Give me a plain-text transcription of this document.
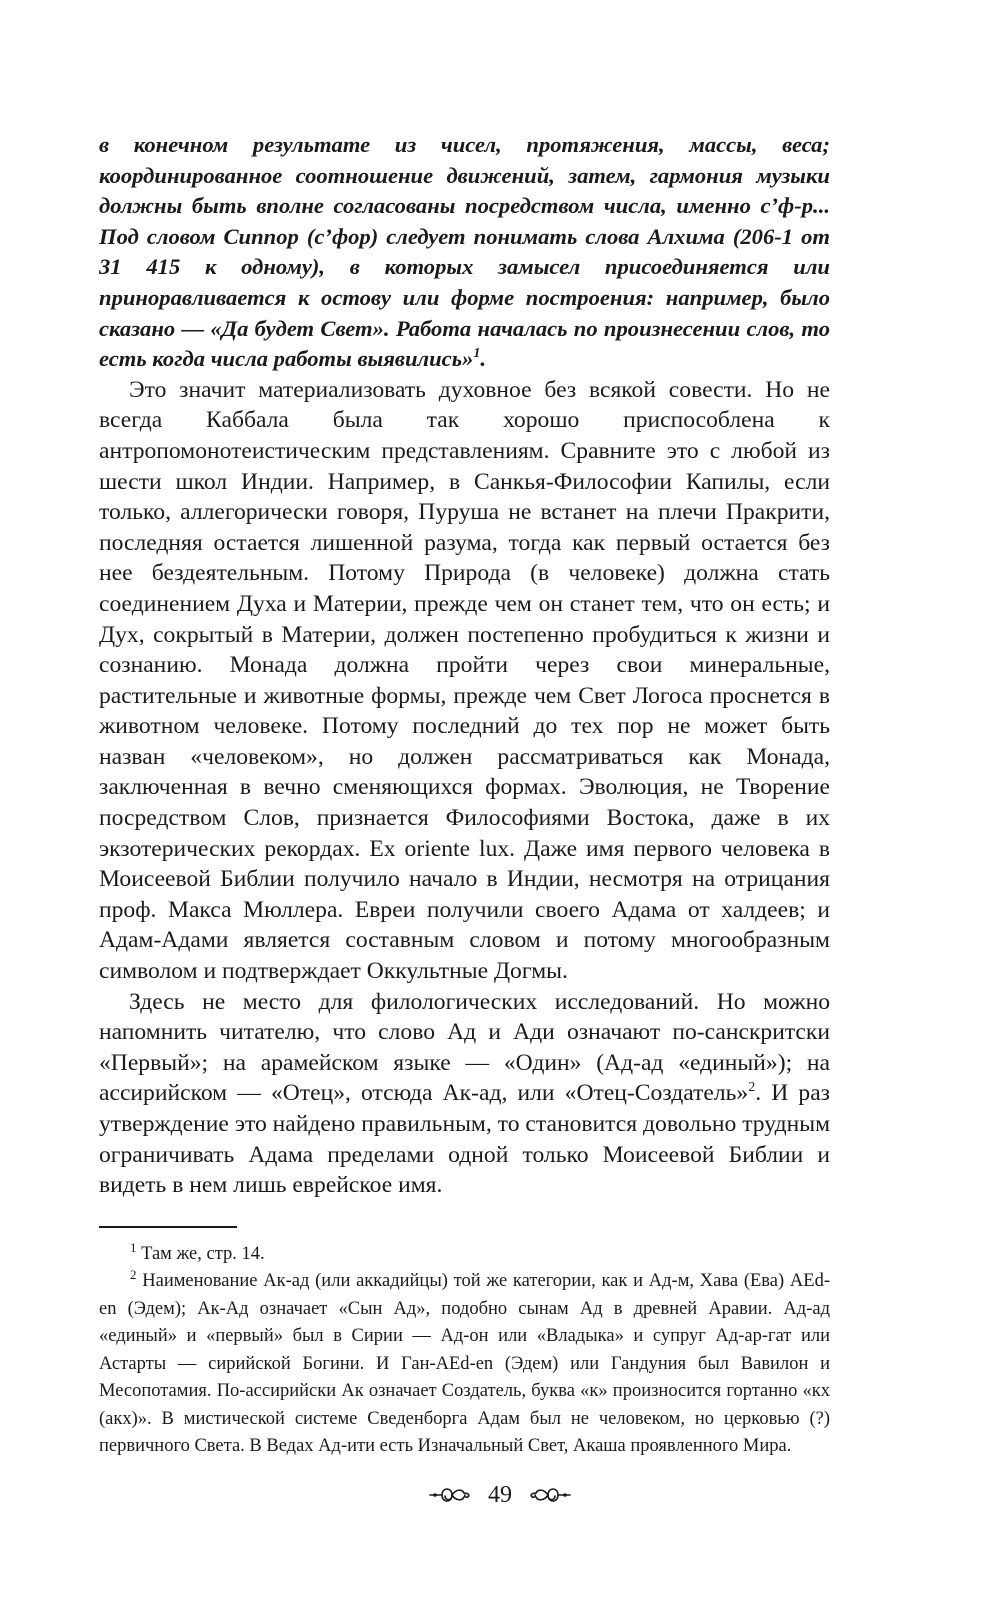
в конечном результате из чисел, протяжения, массы, веса; координированное соотношение движений, затем, гармония музыки должны быть вполне согласованы посредством числа, именно с’ф-р... Под словом Сиппор (с’фор) следует понимать слова Алхима (206-1 от 31 415 к одному), в которых замысел присоединяется или приноравливается к остову или форме построения: например, было сказано — «Да будет Свет». Работа началась по произнесении слов, то есть когда числа работы выявились»$^1$.

Это значит материализовать духовное без всякой совести. Но не всегда Каббала была так хорошо приспособлена к антропомонотеистическим представлениям. Сравните это с любой из шести школ Индии. Например, в Санкья-Философии Капилы, если только, аллегорически говоря, Пуруша не встанет на плечи Пракрити, последняя остается лишенной разума, тогда как первый остается без нее бездеятельным. Потому Природа (в человеке) должна стать соединением Духа и Материи, прежде чем он станет тем, что он есть; и Дух, сокрытый в Материи, должен постепенно пробудиться к жизни и сознанию. Монада должна пройти через свои минеральные, растительные и животные формы, прежде чем Свет Логоса проснется в животном человеке. Потому последний до тех пор не может быть назван «человеком», но должен рассматриваться как Монада, заключенная в вечно сменяющихся формах. Эволюция, не Творение посредством Слов, признается Философиями Востока, даже в их экзотерических рекордах. Ex oriente lux. Даже имя первого человека в Моисеевой Библии получило начало в Индии, несмотря на отрицания проф. Макса Мюллера. Евреи получили своего Адама от халдеев; и Адам-Адами является составным словом и потому многообразным символом и подтверждает Оккультные Догмы.

Здесь не место для филологических исследований. Но можно напомнить читателю, что слово Ад и Ади означают по-санскритски «Первый»; на арамейском языке — «Один» (Ад-ад «единый»); на ассирийском — «Отец», отсюда Ак-ад, или «Отец-Создатель»$^2$. И раз утверждение это найдено правильным, то становится довольно трудным ограничивать Адама пределами одной только Моисеевой Библии и видеть в нем лишь еврейское имя.

$^1$ Там же, стр. 14.

$^2$ Наименование Ак-ад (или аккадийцы) той же категории, как и Ад-м, Хава (Ева) AEd-en (Эдем); Ак-Ад означает «Сын Ад», подобно сынам Ад в древней Аравии. Ад-ад «единый» и «первый» был в Сирии — Ад-он или «Владыка» и супруг Ад-ар-гат или Астарты — сирийской Богини. И Ган-AEd-en (Эдем) или Гандуния был Вавилон и Месопотамия. По-ассирийски Ак означает Создатель, буква «к» произносится гортанно «кх (акх)». В мистической системе Сведенборга Адам был не человеком, но церковью (?) первичного Света. В Ведах Ад-ити есть Изначальный Свет, Акаша проявленного Мира.

49
